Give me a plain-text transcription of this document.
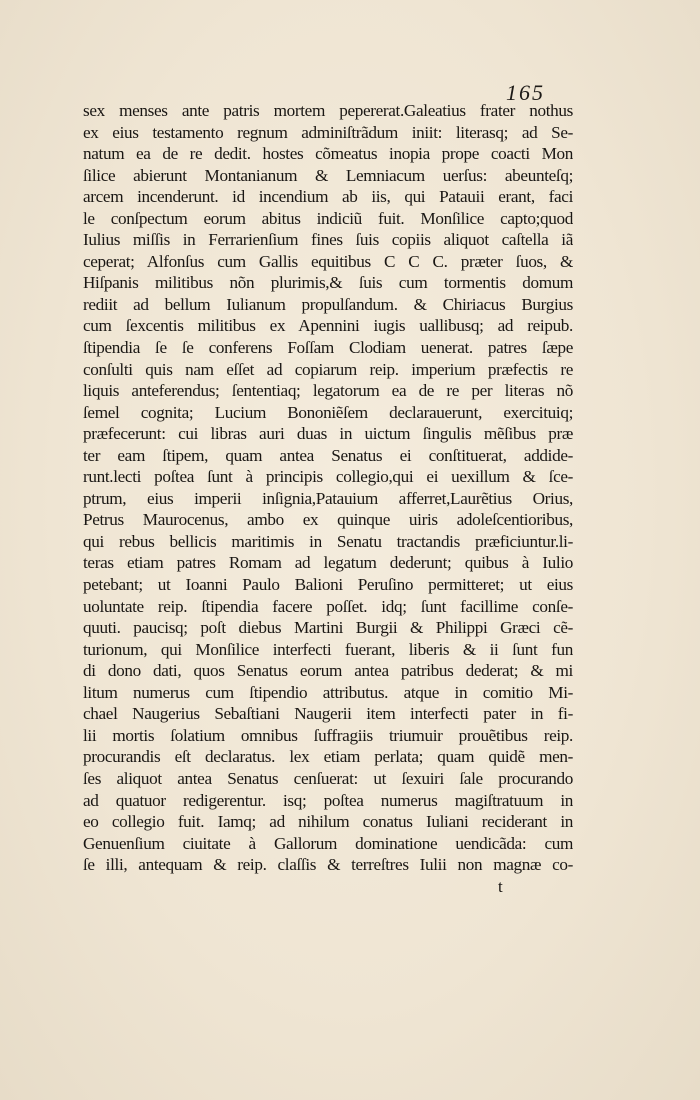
165
sex menses ante patris mortem pepererat.Galeatius frater nothus
ex eius testamento regnum adminiſtrãdum iniit: literasq; ad Se-
natum ea de re dedit. hostes cõmeatus inopia prope coacti Mon
ſilice abierunt Montanianum & Lemniacum uerſus: abeunteſq;
arcem incenderunt. id incendium ab iis, qui Patauii erant, faci
le conſpectum eorum abitus indiciũ fuit. Monſilice capto;quod
Iulius miſſis in Ferrarienſium fines ſuis copiis aliquot caſtella iã
ceperat; Alfonſus cum Gallis equitibus C C C. præter ſuos, &
Hiſpanis militibus nõn plurimis,& ſuis cum tormentis domum
rediit ad bellum Iulianum propulſandum. & Chiriacus Burgius
cum ſexcentis militibus ex Apennini iugis uallibusq; ad reipub.
ſtipendia ſe ſe conferens Foſſam Clodiam uenerat. patres ſæpe
conſulti quis nam eſſet ad copiarum reip. imperium præfectis re
liquis anteferendus; ſententiaq; legatorum ea de re per literas nõ
ſemel cognita; Lucium Bononiẽſem declarauerunt, exercituiq;
præfecerunt: cui libras auri duas in uictum ſingulis mẽſibus præ
ter eam ſtipem, quam antea Senatus ei conſtituerat, addide-
runt.lecti poſtea ſunt à principis collegio,qui ei uexillum & ſce-
ptrum, eius imperii inſignia,Patauium afferret,Laurẽtius Orius,
Petrus Maurocenus, ambo ex quinque uiris adoleſcentioribus,
qui rebus bellicis maritimis in Senatu tractandis præficiuntur.li-
teras etiam patres Romam ad legatum dederunt; quibus à Iulio
petebant; ut Ioanni Paulo Balioni Peruſino permitteret; ut eius
uoluntate reip. ſtipendia facere poſſet. idq; ſunt facillime conſe-
quuti. paucisq; poſt diebus Martini Burgii & Philippi Græci cẽ-
turionum, qui Monſilice interfecti fuerant, liberis & ii ſunt fun
di dono dati, quos Senatus eorum antea patribus dederat; & mi
litum numerus cum ſtipendio attributus. atque in comitio Mi-
chael Naugerius Sebaſtiani Naugerii item interfecti pater in fi-
lii mortis ſolatium omnibus ſuffragiis triumuir prouẽtibus reip.
procurandis eſt declaratus. lex etiam perlata; quam quidẽ men-
ſes aliquot antea Senatus cenſuerat: ut ſexuiri ſale procurando
ad quatuor redigerentur. isq; poſtea numerus magiſtratuum in
eo collegio fuit. Iamq; ad nihilum conatus Iuliani reciderant in
Genuenſium ciuitate à Gallorum dominatione uendicãda: cum
ſe illi, antequam & reip. claſſis & terreſtres Iulii non magnæ co-
t
